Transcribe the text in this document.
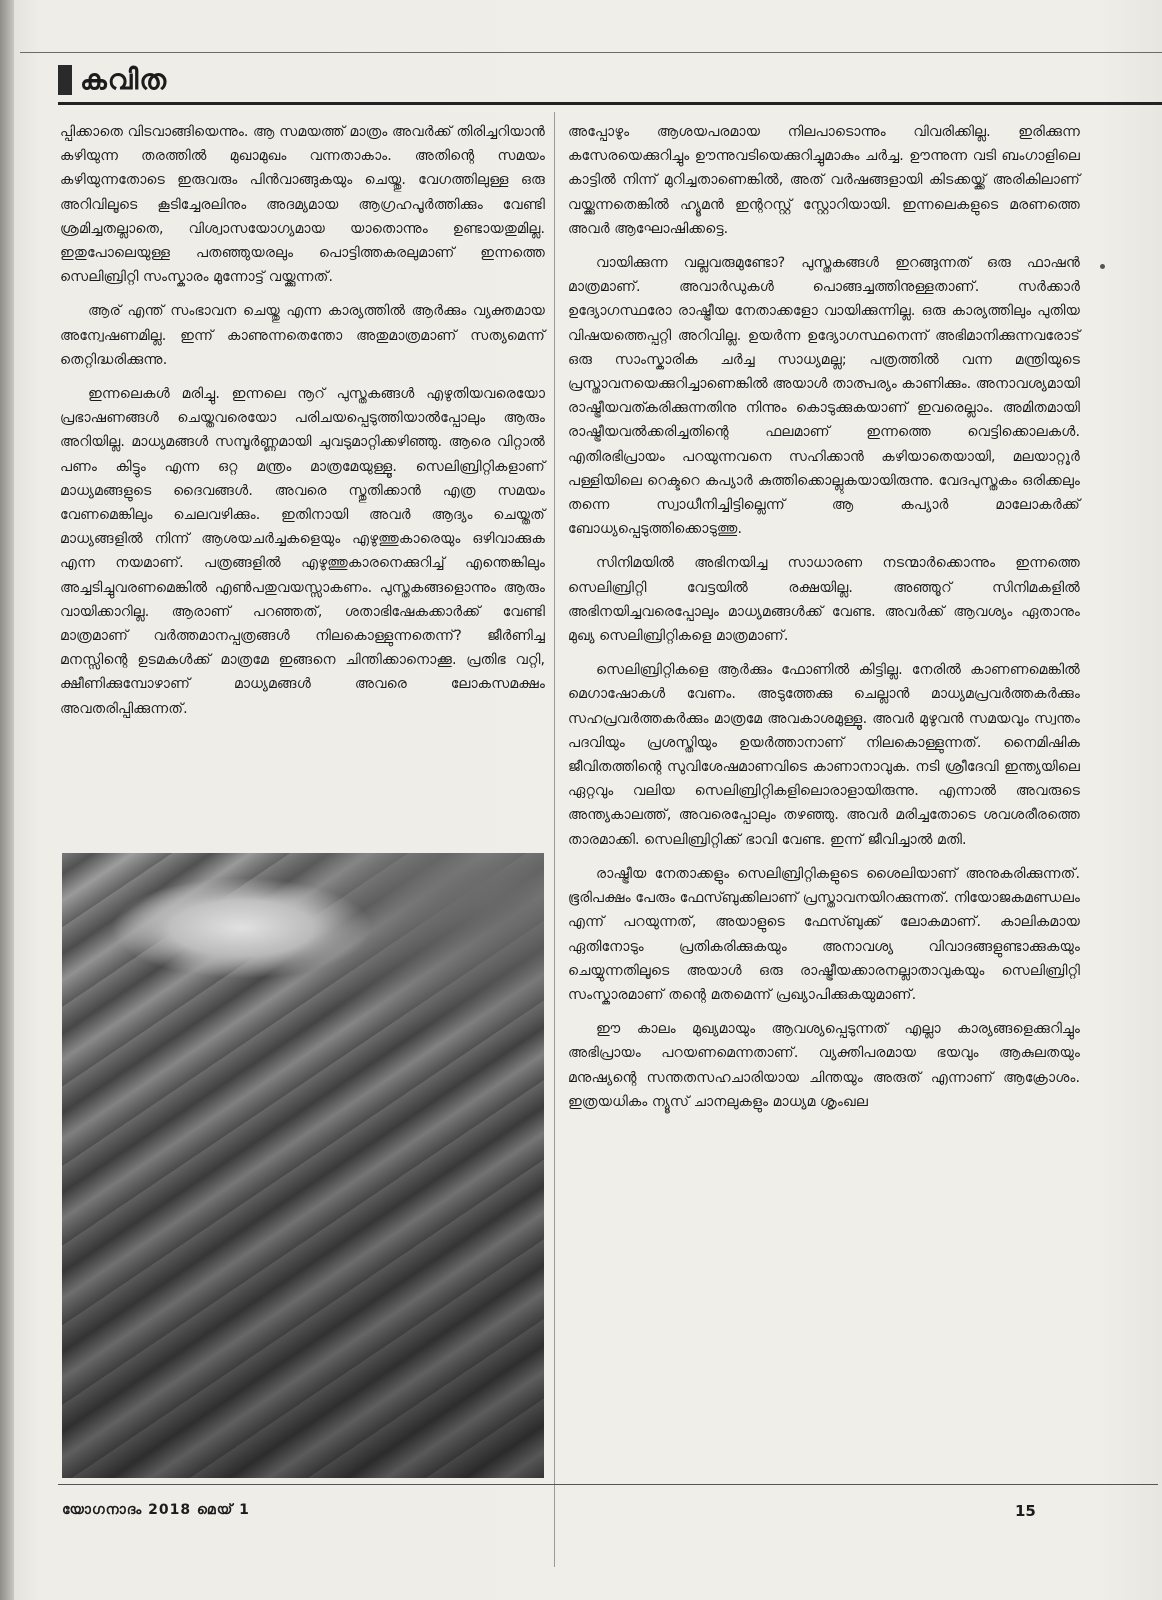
കവിത

പ്പിക്കാതെ വിടവാങ്ങിയെന്നും. ആ സമയത്ത് മാത്രം അവർക്ക് തിരിച്ചറിയാൻ കഴിയുന്ന തരത്തിൽ മുഖാമുഖം വന്നതാകാം. അതിന്റെ സമയം കഴിയുന്നതോടെ ഇരുവരും പിൻവാങ്ങുകയും ചെയ്തു. വേഗത്തിലുള്ള ഒരു അറിവിലൂടെ കൂടിച്ചേരലിനും അദമ്യമായ ആഗ്രഹപൂർത്തിക്കും വേണ്ടി ശ്രമിച്ചതല്ലാതെ, വിശ്വാസയോഗ്യമായ യാതൊന്നും ഉണ്ടായതുമില്ല. ഇതുപോലെയുള്ള പതഞ്ഞുയരലും പൊട്ടിത്തകരലുമാണ് ഇന്നത്തെ സെലിബ്രിറ്റി സംസ്കാരം മുന്നോട്ട് വയ്ക്കുന്നത്.

ആര് എന്ത് സംഭാവന ചെയ്തു എന്ന കാര്യത്തിൽ ആർക്കും വ്യക്തമായ അന്വേഷണമില്ല. ഇന്ന് കാണുന്നതെന്തോ അതുമാത്രമാണ് സത്യമെന്ന് തെറ്റിദ്ധരിക്കുന്നു.

ഇന്നലെകൾ മരിച്ചു. ഇന്നലെ നൂറ് പുസ്തകങ്ങൾ എഴുതിയവരെയോ പ്രഭാഷണങ്ങൾ ചെയ്തവരെയോ പരിചയപ്പെടുത്തിയാൽപ്പോലും ആരും അറിയില്ല. മാധ്യമങ്ങൾ സമ്പൂർണ്ണമായി ചുവടുമാറ്റിക്കഴിഞ്ഞു. ആരെ വിറ്റാൽ പണം കിട്ടും എന്ന ഒറ്റ മന്ത്രം മാത്രമേയുള്ളൂ. സെലിബ്രിറ്റികളാണ് മാധ്യമങ്ങളുടെ ദൈവങ്ങൾ. അവരെ സ്തുതിക്കാൻ എത്ര സമയം വേണമെങ്കിലും ചെലവഴിക്കും. ഇതിനായി അവർ ആദ്യം ചെയ്തത് മാധ്യങ്ങളിൽ നിന്ന് ആശയചർച്ചകളെയും എഴുത്തുകാരെയും ഒഴിവാക്കുക എന്ന നയമാണ്. പത്രങ്ങളിൽ എഴുത്തുകാരനെക്കുറിച്ച് എന്തെങ്കിലും അച്ചടിച്ചുവരണമെങ്കിൽ എൺപതുവയസ്സാകണം. പുസ്തകങ്ങളൊന്നും ആരും വായിക്കാറില്ല. ആരാണ് പറഞ്ഞത്, ശതാഭിഷേകക്കാർക്ക് വേണ്ടി മാത്രമാണ് വർത്തമാനപ്പത്രങ്ങൾ നിലകൊള്ളുന്നതെന്ന്? ജീർണിച്ച മനസ്സിന്റെ ഉടമകൾക്ക് മാത്രമേ ഇങ്ങനെ ചിന്തിക്കാനൊക്കൂ. പ്രതിഭ വറ്റി, ക്ഷീണിക്കുമ്പോഴാണ് മാധ്യമങ്ങൾ അവരെ ലോകസമക്ഷം അവതരിപ്പിക്കുന്നത്.

അപ്പോഴും ആശയപരമായ നിലപാടൊന്നും വിവരിക്കില്ല. ഇരിക്കുന്ന കസേരയെക്കുറിച്ചും ഊന്നുവടിയെക്കുറിച്ചുമാകും ചർച്ച. ഊന്നുന്ന വടി ബംഗാളിലെ കാട്ടിൽ നിന്ന് മുറിച്ചതാണെങ്കിൽ, അത് വർഷങ്ങളായി കിടക്കയ്ക്ക് അരികിലാണ് വയ്ക്കുന്നതെങ്കിൽ ഹ്യൂമൻ ഇന്ററസ്റ്റ് സ്റ്റോറിയായി. ഇന്നലെകളുടെ മരണത്തെ അവർ ആഘോഷിക്കട്ടെ.

വായിക്കുന്ന വല്ലവരുമുണ്ടോ? പുസ്തകങ്ങൾ ഇറങ്ങുന്നത് ഒരു ഫാഷൻ മാത്രമാണ്. അവാർഡുകൾ പൊങ്ങച്ചത്തിനുള്ളതാണ്. സർക്കാർ ഉദ്യോഗസ്ഥരോ രാഷ്ട്രീയ നേതാക്കളോ വായിക്കുന്നില്ല. ഒരു കാര്യത്തിലും പുതിയ വിഷയത്തെപ്പറ്റി അറിവില്ല. ഉയർന്ന ഉദ്യോഗസ്ഥനെന്ന് അഭിമാനിക്കുന്നവരോട് ഒരു സാംസ്കാരിക ചർച്ച സാധ്യമല്ല; പത്രത്തിൽ വന്ന മന്ത്രിയുടെ പ്രസ്താവനയെക്കുറിച്ചാണെങ്കിൽ അയാൾ താത്പര്യം കാണിക്കും. അനാവശ്യമായി രാഷ്ട്രീയവത്കരിക്കുന്നതിനു നിന്നും കൊടുക്കുകയാണ് ഇവരെല്ലാം. അമിതമായി രാഷ്ട്രീയവൽക്കരിച്ചതിന്റെ ഫലമാണ് ഇന്നത്തെ വെട്ടിക്കൊലകൾ. എതിരഭിപ്രായം പറയുന്നവനെ സഹിക്കാൻ കഴിയാതെയായി, മലയാറ്റൂർ പള്ളിയിലെ റെക്ടറെ കപ്യാർ കുത്തിക്കൊല്ലുകയായിരുന്നു. വേദപുസ്തകം ഒരിക്കലും തന്നെ സ്വാധീനിച്ചിട്ടില്ലെന്ന് ആ കപ്യാർ മാലോകർക്ക് ബോധ്യപ്പെടുത്തിക്കൊടുത്തു.

സിനിമയിൽ അഭിനയിച്ച സാധാരണ നടന്മാർക്കൊന്നും ഇന്നത്തെ സെലിബ്രിറ്റി വേട്ടയിൽ രക്ഷയില്ല. അഞ്ഞൂറ് സിനിമകളിൽ അഭിനയിച്ചവരെപ്പോലും മാധ്യമങ്ങൾക്ക് വേണ്ട. അവർക്ക് ആവശ്യം ഏതാനും മുഖ്യ സെലിബ്രിറ്റികളെ മാത്രമാണ്.

സെലിബ്രിറ്റികളെ ആർക്കും ഫോണിൽ കിട്ടില്ല. നേരിൽ കാണണമെങ്കിൽ മെഗാഷോകൾ വേണം. അടുത്തേക്കു ചെല്ലാൻ മാധ്യമപ്രവർത്തകർക്കും സഹപ്രവർത്തകർക്കും മാത്രമേ അവകാശമുള്ളൂ. അവർ മുഴുവൻ സമയവും സ്വന്തം പദവിയും പ്രശസ്തിയും ഉയർത്താനാണ് നിലകൊള്ളുന്നത്. നൈമിഷിക ജീവിതത്തിന്റെ സുവിശേഷമാണവിടെ കാണാനാവുക. നടി ശ്രീദേവി ഇന്ത്യയിലെ ഏറ്റവും വലിയ സെലിബ്രിറ്റികളിലൊരാളായിരുന്നു. എന്നാൽ അവരുടെ അന്ത്യകാലത്ത്, അവരെപ്പോലും തഴഞ്ഞു. അവർ മരിച്ചതോടെ ശവശരീരത്തെ താരമാക്കി. സെലിബ്രിറ്റിക്ക് ഭാവി വേണ്ട. ഇന്ന് ജീവിച്ചാൽ മതി.

രാഷ്ട്രീയ നേതാക്കളും സെലിബ്രിറ്റികളുടെ ശൈലിയാണ് അനുകരിക്കുന്നത്. ഭൂരിപക്ഷം പേരും ഫേസ്ബുക്കിലാണ് പ്രസ്താവനയിറക്കുന്നത്. നിയോജകമണ്ഡലം എന്ന് പറയുന്നത്, അയാളുടെ ഫേസ്ബുക്ക് ലോകമാണ്. കാലികമായ ഏതിനോടും പ്രതികരിക്കുകയും അനാവശ്യ വിവാദങ്ങളുണ്ടാക്കുകയും ചെയ്യുന്നതിലൂടെ അയാൾ ഒരു രാഷ്ട്രീയക്കാരനല്ലാതാവുകയും സെലിബ്രിറ്റി സംസ്കാരമാണ് തന്റെ മതമെന്ന് പ്രഖ്യാപിക്കുകയുമാണ്.

ഈ കാലം മുഖ്യമായും ആവശ്യപ്പെടുന്നത് എല്ലാ കാര്യങ്ങളെക്കുറിച്ചും അഭിപ്രായം പറയണമെന്നതാണ്. വ്യക്തിപരമായ ഭയവും ആകുലതയും മനുഷ്യന്റെ സന്തതസഹചാരിയായ ചിന്തയും അരുത് എന്നാണ് ആക്രോശം. ഇത്രയധികം ന്യൂസ് ചാനലുകളും മാധ്യമ ശൃംഖല

യോഗനാദം 2018 മെയ് 1	15
